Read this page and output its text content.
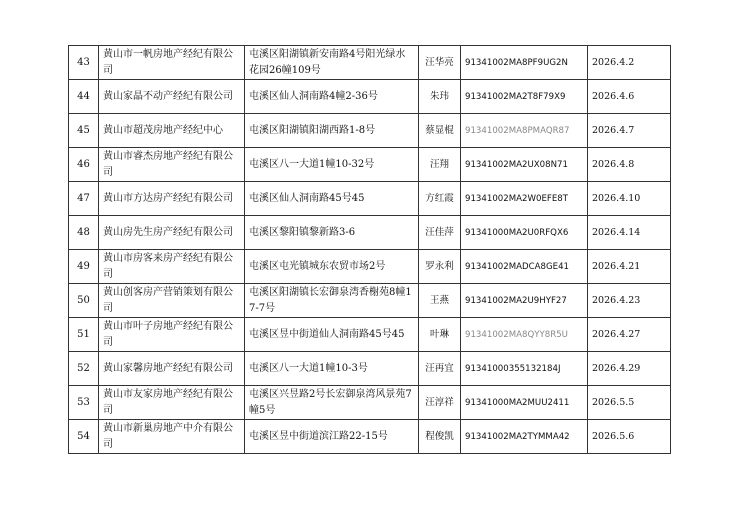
43	黄山市一帆房地产经纪有限公司	屯溪区阳湖镇新安南路4号阳光绿水花园26幢109号	汪华亮	91341002MA8PF9UG2N	2026.4.2
44	黄山家晶不动产经纪有限公司	屯溪区仙人洞南路4幢2-36号	朱玮	91341002MA2T8F79X9	2026.4.6
45	黄山市超茂房地产经纪中心	屯溪区阳湖镇阳湖西路1-8号	蔡显棍	91341002MA8PMAQR87	2026.4.7
46	黄山市睿杰房地产经纪有限公司	屯溪区八一大道1幢10-32号	汪翔	91341002MA2UX08N71	2026.4.8
47	黄山市方达房产经纪有限公司	屯溪区仙人洞南路45号45	方红霞	91341002MA2W0EFE8T	2026.4.10
48	黄山房先生房产经纪有限公司	屯溪区黎阳镇黎新路3-6	汪佳萍	91341000MA2U0RFQX6	2026.4.14
49	黄山市房客来房产经纪有限公司	屯溪区屯光镇城东农贸市场2号	罗永利	91341002MADCA8GE41	2026.4.21
50	黄山创客房产营销策划有限公司	屯溪区阳湖镇长宏御泉湾香榭苑8幢17-7号	王燕	91341002MA2U9HYF27	2026.4.23
51	黄山市叶子房地产经纪有限公司	屯溪区昱中街道仙人洞南路45号45	叶琳	91341002MA8QYY8R5U	2026.4.27
52	黄山家馨房地产经纪有限公司	屯溪区八一大道1幢10-3号	汪再宜	91341000355132184J	2026.4.29
53	黄山市友家房地产经纪有限公司	屯溪区兴昱路2号长宏御泉湾风景苑7幢5号	汪淳祥	91341000MA2MUU2411	2026.5.5
54	黄山市新巢房地产中介有限公司	屯溪区昱中街道滨江路22-15号	程俊凯	91341002MA2TYMMA42	2026.5.6
